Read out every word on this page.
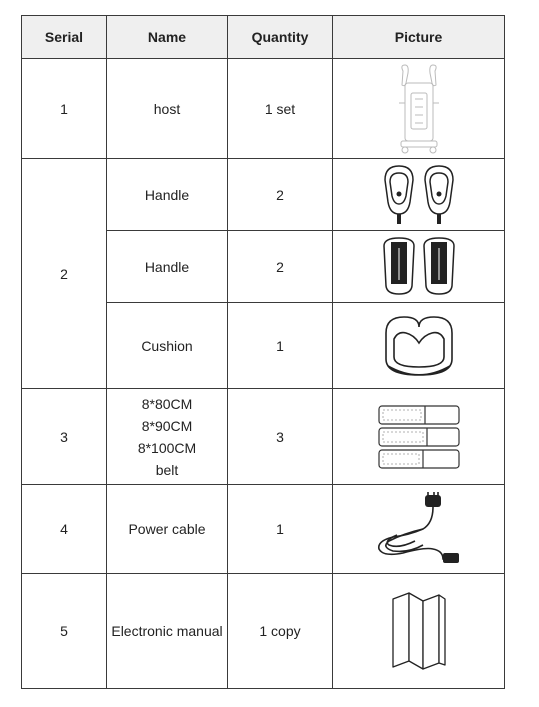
Serial	Name	Quantity	Picture
1	host	1 set	

2	Handle	2	

	Handle	2	

	Cushion	1	

3	8*80CM
8*90CM
8*100CM
belt	3	

4	Power cable	1	

5	Electronic manual	1 copy	
